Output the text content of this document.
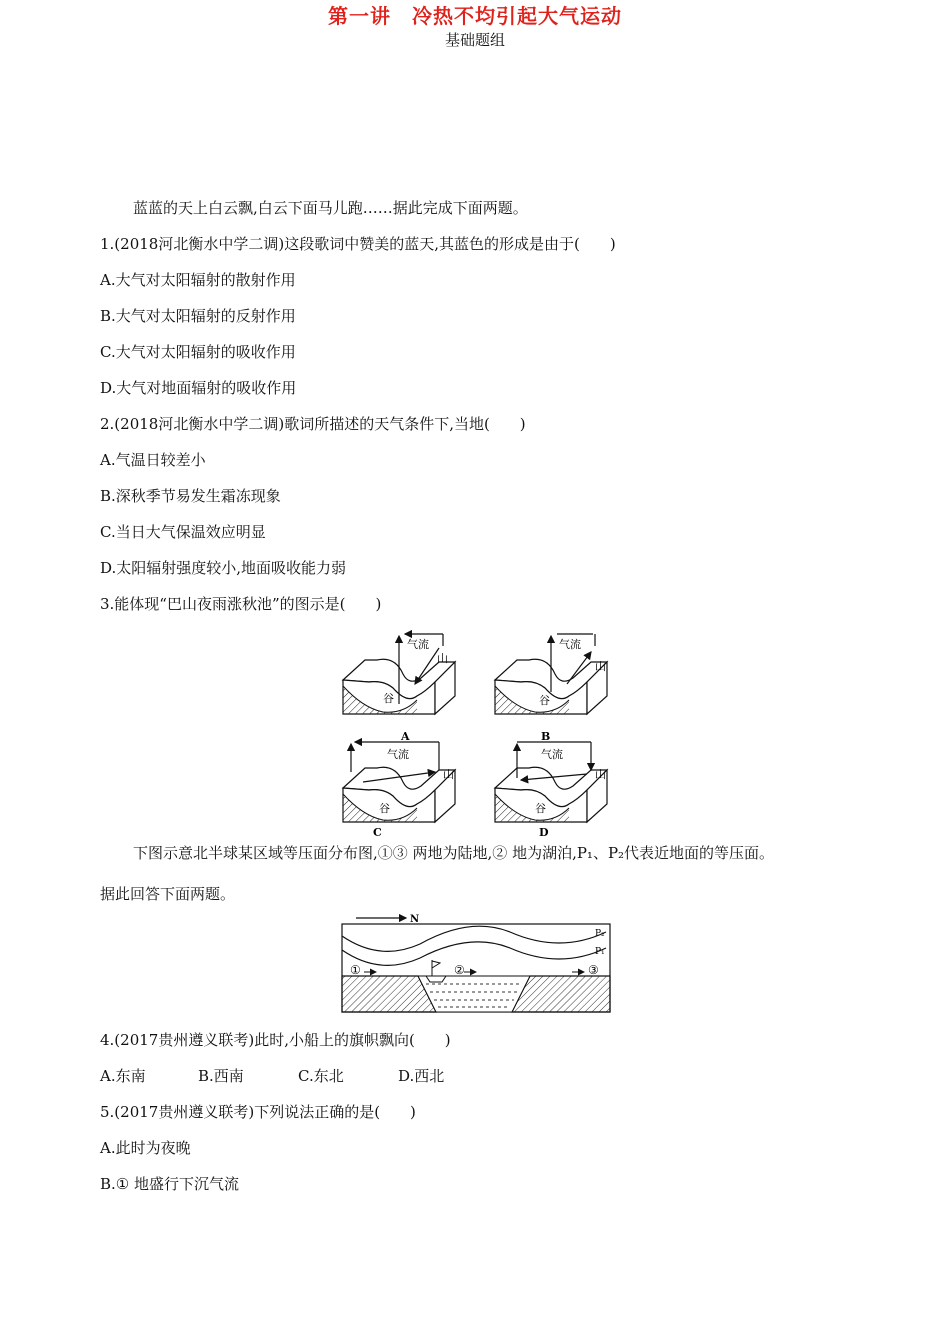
第一讲　冷热不均引起大气运动
基础题组
蓝蓝的天上白云飘,白云下面马儿跑……据此完成下面两题。
1.(2018河北衡水中学二调)这段歌词中赞美的蓝天,其蓝色的形成是由于(　　)
A.大气对太阳辐射的散射作用
B.大气对太阳辐射的反射作用
C.大气对太阳辐射的吸收作用
D.大气对地面辐射的吸收作用
2.(2018河北衡水中学二调)歌词所描述的天气条件下,当地(　　)
A.气温日较差小
B.深秋季节易发生霜冻现象
C.当日大气保温效应明显
D.太阳辐射强度较小,地面吸收能力弱
3.能体现“巴山夜雨涨秋池”的图示是(　　)
气流
山
谷
A
气流
山
谷
B
气流
山
谷
C
气流
山
谷
D
下图示意北半球某区域等压面分布图,①③ 两地为陆地,② 地为湖泊,P₁、P₂代表近地面的等压面。
据此回答下面两题。
N
P₂
P₁
①	②	③
4.(2017贵州遵义联考)此时,小船上的旗帜飘向(　　)
A.东南	B.西南	C.东北	D.西北
5.(2017贵州遵义联考)下列说法正确的是(　　)
A.此时为夜晚
B.① 地盛行下沉气流
